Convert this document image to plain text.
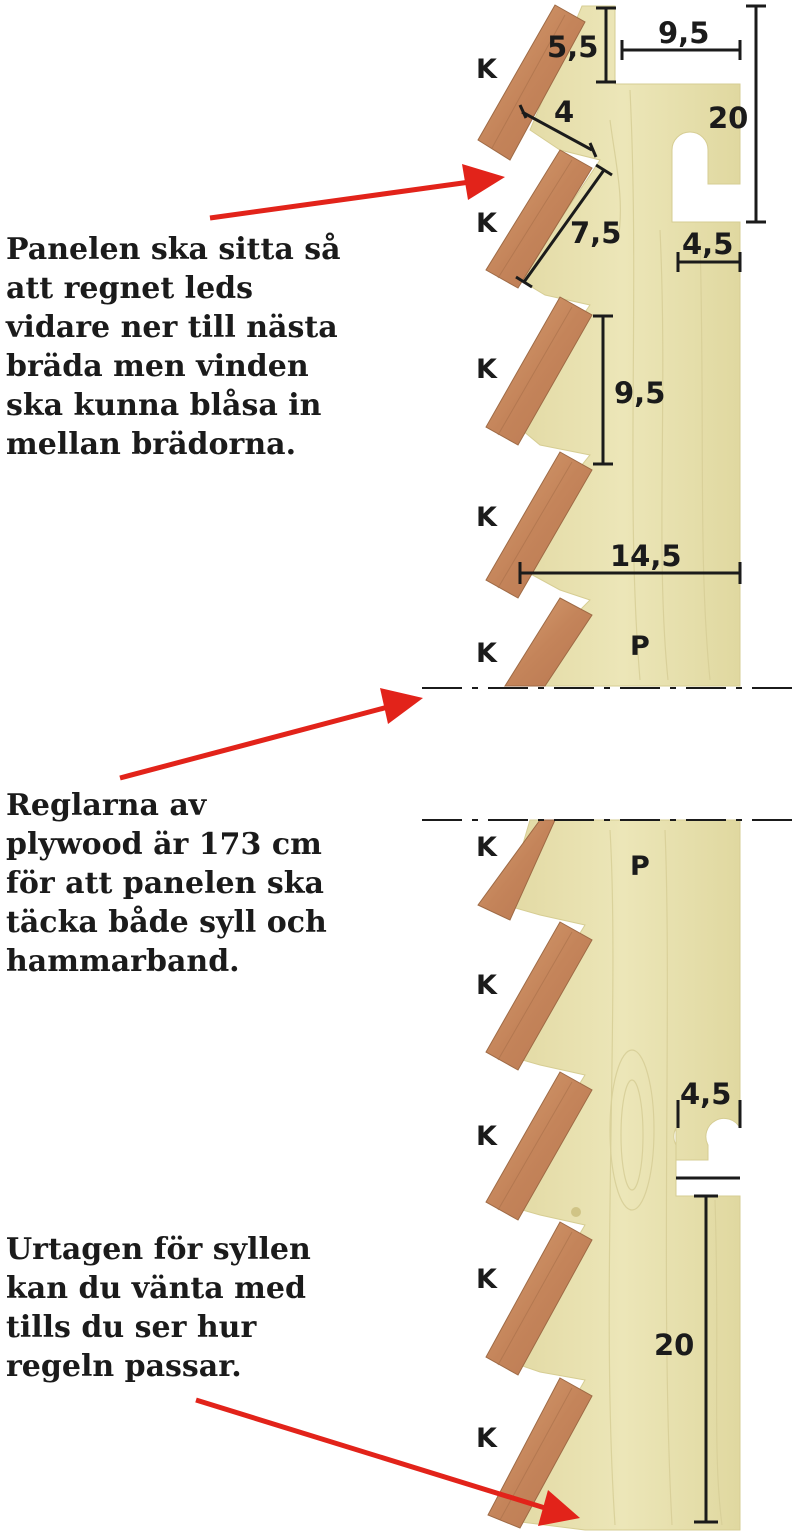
5,5 9,5
20
4
7,5 4,5
9,5
14,5
4,5
20
K
K
K
K
K	P
K
P
K
K
K
K

Panelen ska sitta så att regnet leds vidare ner till nästa bräda men vinden ska kunna blåsa in mellan brädorna.

Reglarna av plywood är 173 cm för att panelen ska täcka både syll och hammarband.

Urtagen för syllen kan du vänta med tills du ser hur regeln passar.
